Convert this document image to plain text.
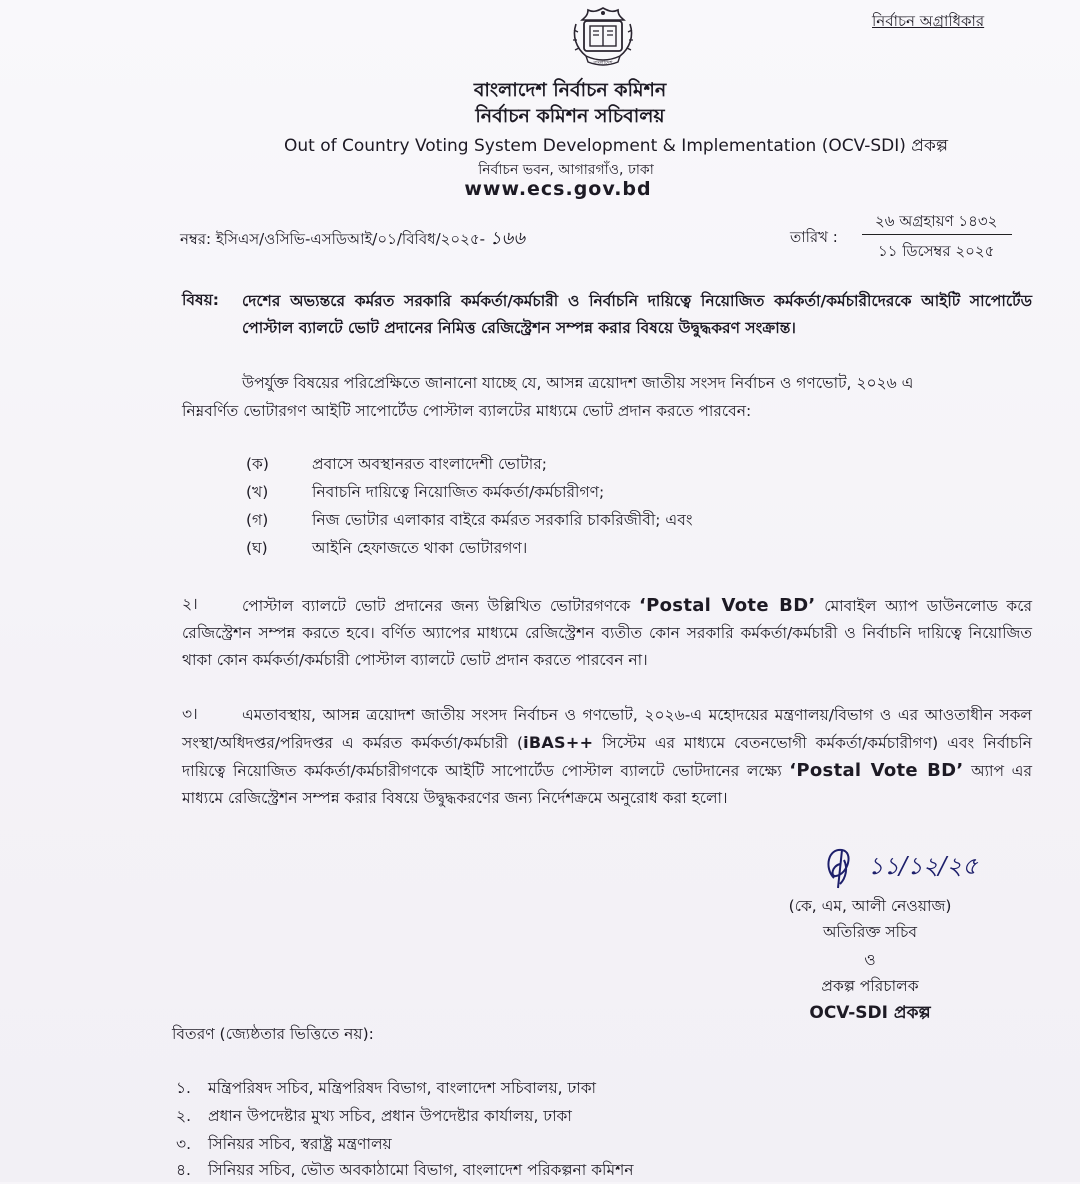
বাংলাদেশ
নির্বাচন অগ্রাধিকার
বাংলাদেশ নির্বাচন কমিশন
নির্বাচন কমিশন সচিবালয়
Out of Country Voting System Development & Implementation (OCV-SDI) প্রকল্প
নির্বাচন ভবন, আগারগাঁও, ঢাকা
www.ecs.gov.bd
নম্বর: ইসিএস/ওসিভি-এসডিআই/০১/বিবিধ/২০২৫- ১৬৬	তারিখ :
২৬ অগ্রহায়ণ ১৪৩২
১১ ডিসেম্বর ২০২৫
বিষয়: দেশের অভ্যন্তরে কর্মরত সরকারি কর্মকর্তা/কর্মচারী ও নির্বাচনি দায়িত্বে নিয়োজিত কর্মকর্তা/কর্মচারীদেরকে আইটি সাপোর্টেড পোস্টাল ব্যালটে ভোট প্রদানের নিমিত্ত রেজিস্ট্রেশন সম্পন্ন করার বিষয়ে উদ্বুদ্ধকরণ সংক্রান্ত।
উপর্যুক্ত বিষয়ের পরিপ্রেক্ষিতে জানানো যাচ্ছে যে, আসন্ন ত্রয়োদশ জাতীয় সংসদ নির্বাচন ও গণভোট, ২০২৬ এ
নিম্নবর্ণিত ভোটারগণ আইটি সাপোর্টেড পোস্টাল ব্যালটের মাধ্যমে ভোট প্রদান করতে পারবেন:
(ক)	প্রবাসে অবস্থানরত বাংলাদেশী ভোটার;
(খ)	নিবাচনি দায়িত্বে নিয়োজিত কর্মকর্তা/কর্মচারীগণ;
(গ)	নিজ ভোটার এলাকার বাইরে কর্মরত সরকারি চাকরিজীবী; এবং
(ঘ)	আইনি হেফাজতে থাকা ভোটারগণ।
২।	পোস্টাল ব্যালটে ভোট প্রদানের জন্য উল্লিখিত ভোটারগণকে ‘Postal Vote BD’ মোবাইল অ্যাপ ডাউনলোড করে রেজিস্ট্রেশন সম্পন্ন করতে হবে। বর্ণিত অ্যাপের মাধ্যমে রেজিস্ট্রেশন ব্যতীত কোন সরকারি কর্মকর্তা/কর্মচারী ও নির্বাচনি দায়িত্বে নিয়োজিত থাকা কোন কর্মকর্তা/কর্মচারী পোস্টাল ব্যালটে ভোট প্রদান করতে পারবেন না।
৩।	এমতাবস্থায়, আসন্ন ত্রয়োদশ জাতীয় সংসদ নির্বাচন ও গণভোট, ২০২৬-এ মহোদয়ের মন্ত্রণালয়/বিভাগ ও এর আওতাধীন সকল সংস্থা/অধিদপ্তর/পরিদপ্তর এ কর্মরত কর্মকর্তা/কর্মচারী (iBAS++ সিস্টেম এর মাধ্যমে বেতনভোগী কর্মকর্তা/কর্মচারীগণ) এবং নির্বাচনি দায়িত্বে নিয়োজিত কর্মকর্তা/কর্মচারীগণকে আইটি সাপোর্টেড পোস্টাল ব্যালটে ভোটদানের লক্ষ্যে ‘Postal Vote BD’ অ্যাপ এর মাধ্যমে রেজিস্ট্রেশন সম্পন্ন করার বিষয়ে উদ্বুদ্ধকরণের জন্য নির্দেশক্রমে অনুরোধ করা হলো।
১১/১২/২৫
(কে, এম, আলী নেওয়াজ)
অতিরিক্ত সচিব
ও
প্রকল্প পরিচালক
OCV-SDI প্রকল্প
বিতরণ (জ্যেষ্ঠতার ভিত্তিতে নয়):
১. মন্ত্রিপরিষদ সচিব, মন্ত্রিপরিষদ বিভাগ, বাংলাদেশ সচিবালয়, ঢাকা
২. প্রধান উপদেষ্টার মুখ্য সচিব, প্রধান উপদেষ্টার কার্যালয়, ঢাকা
৩. সিনিয়র সচিব, স্বরাষ্ট্র মন্ত্রণালয়
৪. সিনিয়র সচিব, ভৌত অবকাঠামো বিভাগ, বাংলাদেশ পরিকল্পনা কমিশন
